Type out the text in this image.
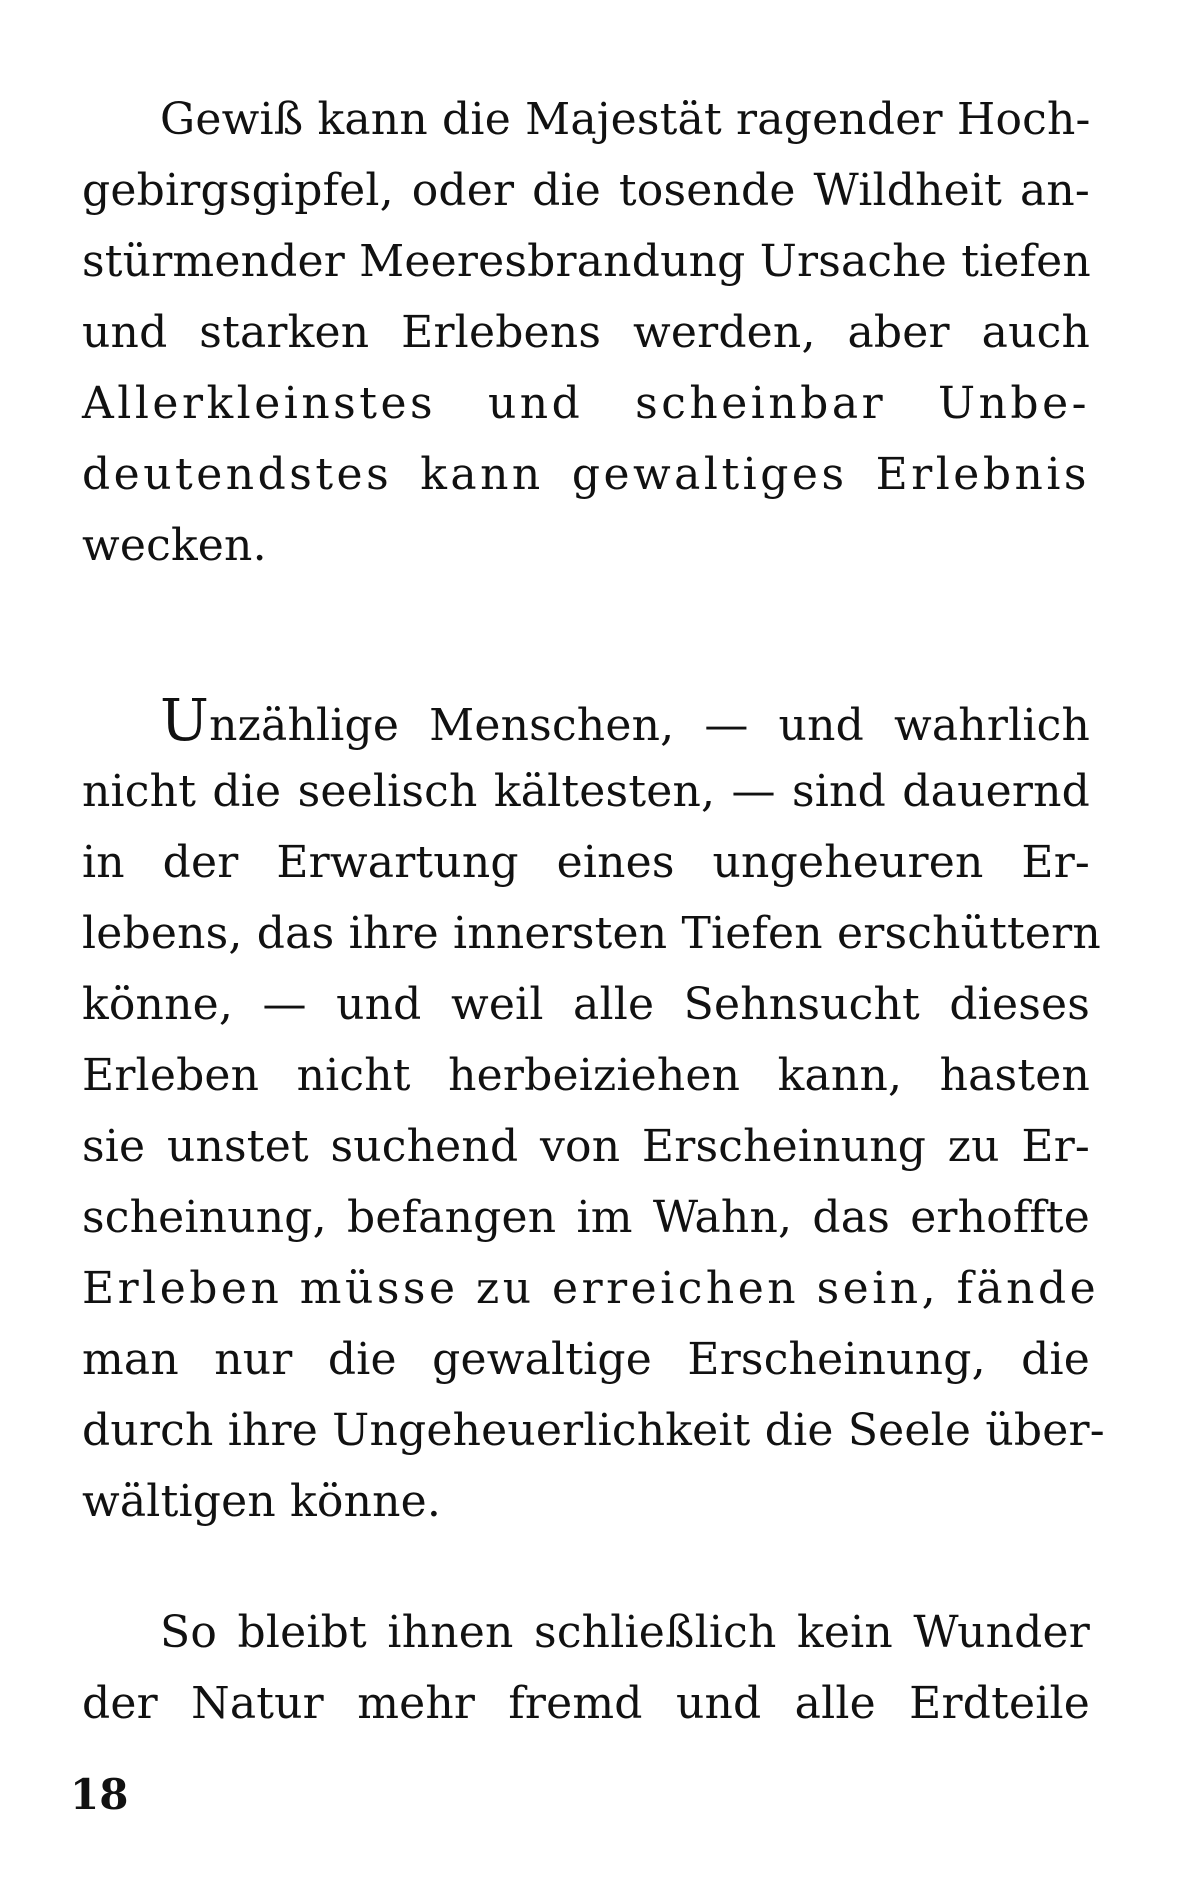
Gewiß kann die Majestät ragender Hoch-
gebirgsgipfel, oder die tosende Wildheit an-
stürmender Meeresbrandung Ursache tiefen
und starken Erlebens werden, aber auch
Allerkleinstes und scheinbar Unbe-
deutendstes kann gewaltiges Erlebnis
wecken.
Unzählige Menschen, — und wahrlich
nicht die seelisch kältesten, — sind dauernd
in der Erwartung eines ungeheuren Er-
lebens, das ihre innersten Tiefen erschüttern
könne, — und weil alle Sehnsucht dieses
Erleben nicht herbeiziehen kann, hasten
sie unstet suchend von Erscheinung zu Er-
scheinung, befangen im Wahn, das erhoffte
Erleben müsse zu erreichen sein, fände
man nur die gewaltige Erscheinung, die
durch ihre Ungeheuerlichkeit die Seele über-
wältigen könne.
So bleibt ihnen schließlich kein Wunder
der Natur mehr fremd und alle Erdteile
18
